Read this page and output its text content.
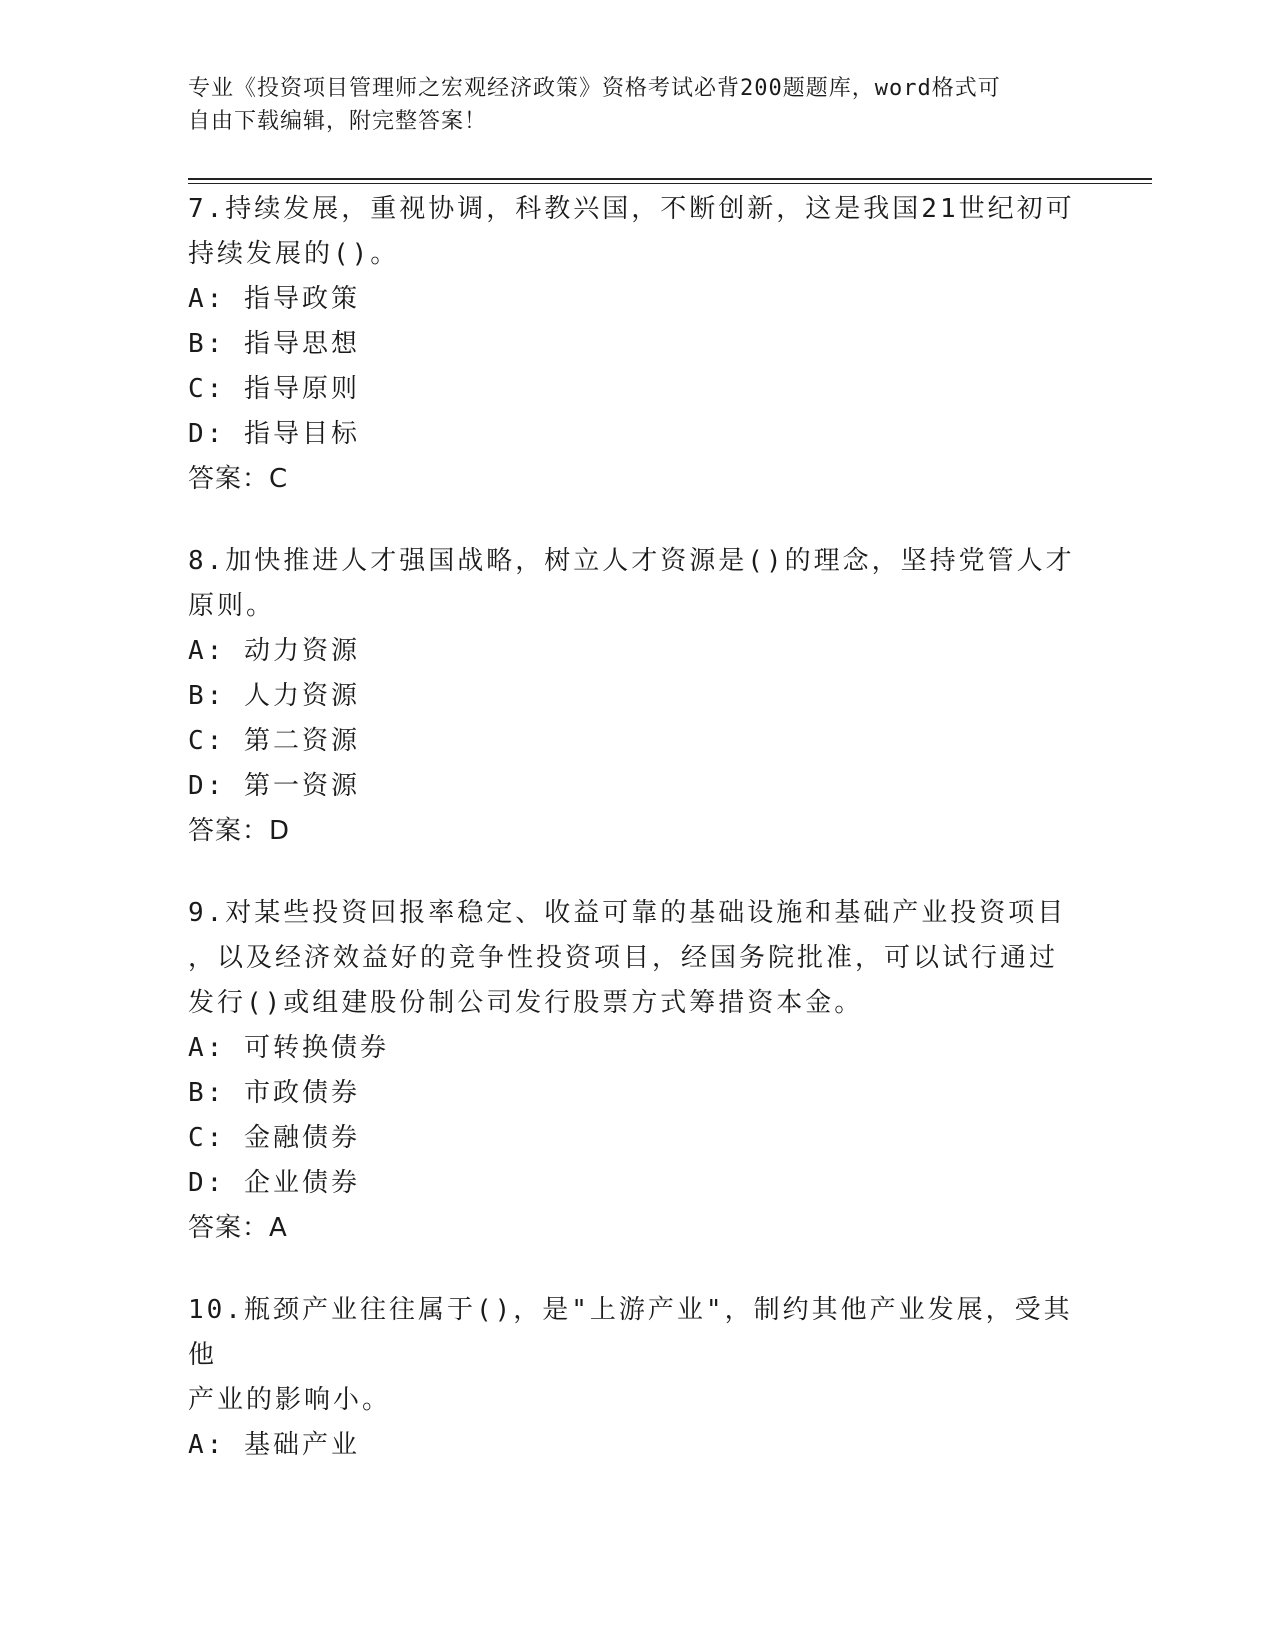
专业《投资项目管理师之宏观经济政策》资格考试必背200题题库，word格式可
自由下载编辑，附完整答案！
7.持续发展，重视协调，科教兴国，不断创新，这是我国21世纪初可
持续发展的()。
A: 指导政策
B: 指导思想
C: 指导原则
D: 指导目标
答案：C
8.加快推进人才强国战略，树立人才资源是()的理念，坚持党管人才
原则。
A: 动力资源
B: 人力资源
C: 第二资源
D: 第一资源
答案：D
9.对某些投资回报率稳定、收益可靠的基础设施和基础产业投资项目
，以及经济效益好的竞争性投资项目，经国务院批准，可以试行通过
发行()或组建股份制公司发行股票方式筹措资本金。
A: 可转换债券
B: 市政债券
C: 金融债券
D: 企业债券
答案：A
10.瓶颈产业往往属于()，是"上游产业"，制约其他产业发展，受其他
产业的影响小。
A: 基础产业
